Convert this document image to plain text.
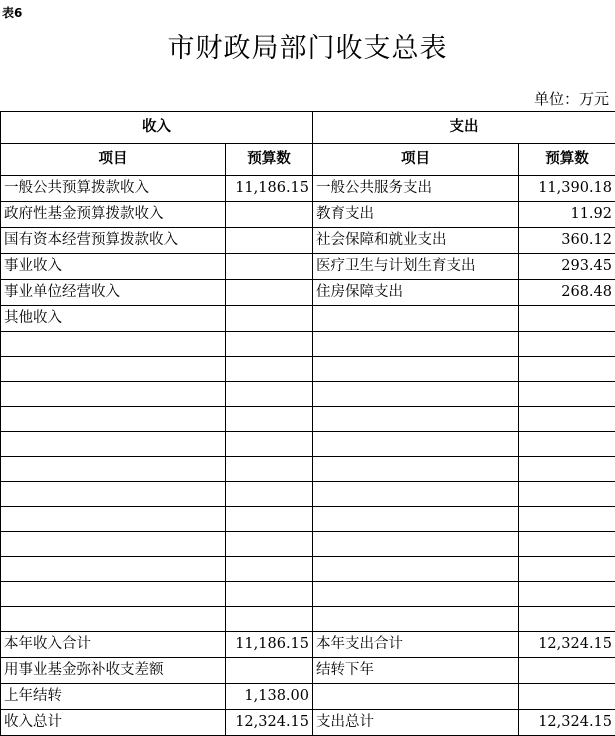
表6
市财政局部门收支总表
单位：万元
收入		支出	
项目	预算数	项目	预算数
一般公共预算拨款收入	11,186.15	一般公共服务支出	11,390.18
政府性基金预算拨款收入		教育支出	11.92
国有资本经营预算拨款收入		社会保障和就业支出	360.12
事业收入		医疗卫生与计划生育支出	293.45
事业单位经营收入		住房保障支出	268.48
其他收入			

本年收入合计	11,186.15	本年支出合计	12,324.15
用事业基金弥补收支差额		结转下年	
上年结转	1,138.00		
收入总计	12,324.15	支出总计	12,324.15
